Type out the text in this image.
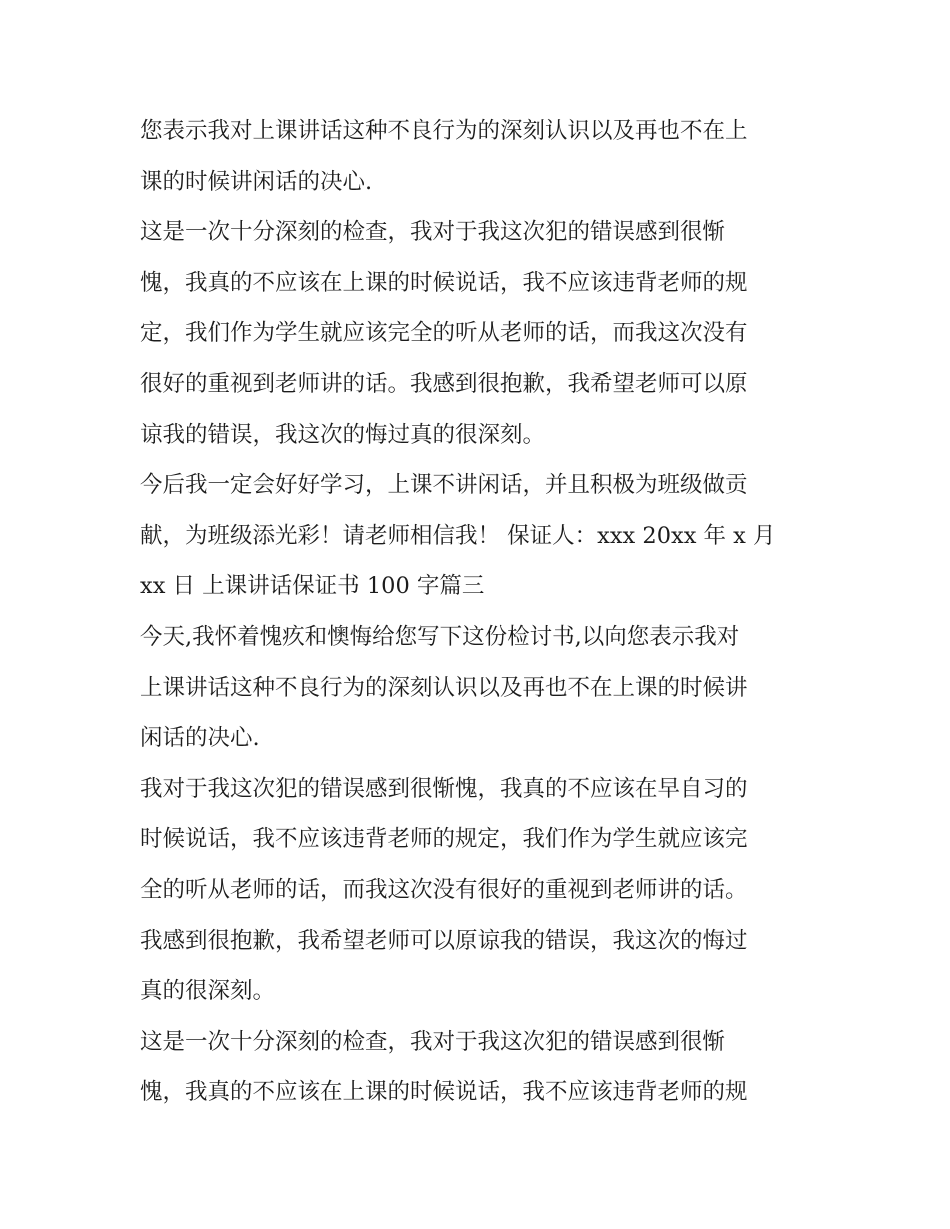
您表示我对上课讲话这种不良行为的深刻认识以及再也不在上
课的时候讲闲话的决心.
这是一次十分深刻的检查，我对于我这次犯的错误感到很惭
愧，我真的不应该在上课的时候说话，我不应该违背老师的规
定，我们作为学生就应该完全的听从老师的话，而我这次没有
很好的重视到老师讲的话。我感到很抱歉，我希望老师可以原
谅我的错误，我这次的悔过真的很深刻。
今后我一定会好好学习，上课不讲闲话，并且积极为班级做贡
献，为班级添光彩！请老师相信我！ 保证人：xxx 20xx 年 x 月
xx 日 上课讲话保证书 100 字篇三
今天,我怀着愧疚和懊悔给您写下这份检讨书,以向您表示我对
上课讲话这种不良行为的深刻认识以及再也不在上课的时候讲
闲话的决心.
我对于我这次犯的错误感到很惭愧，我真的不应该在早自习的
时候说话，我不应该违背老师的规定，我们作为学生就应该完
全的听从老师的话，而我这次没有很好的重视到老师讲的话。
我感到很抱歉，我希望老师可以原谅我的错误，我这次的悔过
真的很深刻。
这是一次十分深刻的检查，我对于我这次犯的错误感到很惭
愧，我真的不应该在上课的时候说话，我不应该违背老师的规
